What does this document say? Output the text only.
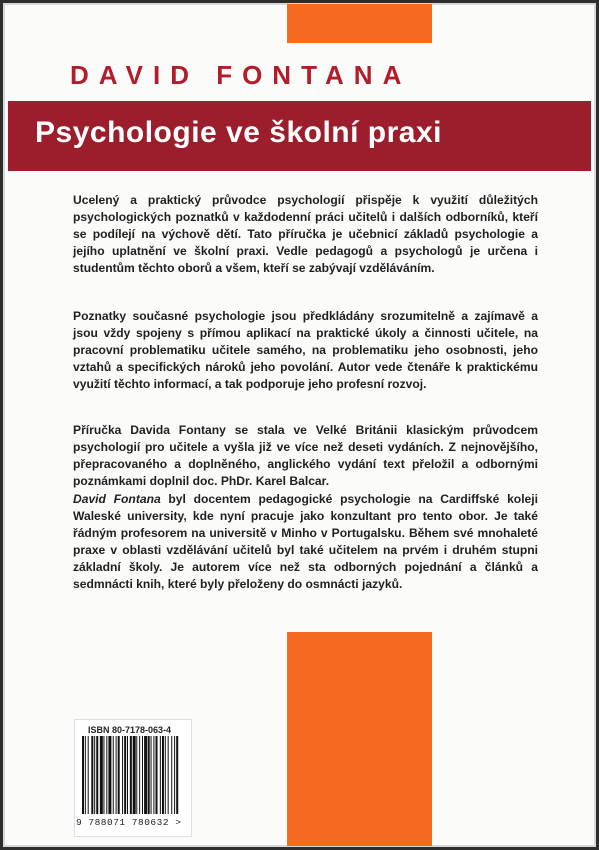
DAVID FONTANA
Psychologie ve školní praxi
Ucelený a praktický průvodce psychologií přispěje k využití důležitých psychologických poznatků v každodenní práci učitelů i dalších odborníků, kteří se podílejí na výchově dětí. Tato příručka je učebnicí základů psychologie a jejího uplatnění ve školní praxi. Vedle pedagogů a psychologů je určena i studentům těchto oborů a všem, kteří se zabývají vzděláváním.
Poznatky současné psychologie jsou předkládány srozumitelně a zajímavě a jsou vždy spojeny s přímou aplikací na praktické úkoly a činnosti učitele, na pracovní problematiku učitele samého, na problematiku jeho osobnosti, jeho vztahů a specifických nároků jeho povolání. Autor vede čtenáře k praktickému využití těchto informací, a tak podporuje jeho profesní rozvoj.
Příručka Davida Fontany se stala ve Velké Británii klasickým průvodcem psychologií pro učitele a vyšla již ve více než deseti vydáních. Z nejnovějšího, přepracovaného a doplněného, anglického vydání text přeložil a odbornými poznámkami doplnil doc. PhDr. Karel Balcar.
David Fontana byl docentem pedagogické psychologie na Cardiffské koleji Waleské university, kde nyní pracuje jako konzultant pro tento obor. Je také řádným profesorem na universitě v Minho v Portugalsku. Během své mnohaleté praxe v oblasti vzdělávání učitelů byl také učitelem na prvém i druhém stupni základní školy. Je autorem více než sta odborných pojednání a článků a sedmnácti knih, které byly přeloženy do osmnácti jazyků.
ISBN 80-7178-063-4
9 788071 780632 >
